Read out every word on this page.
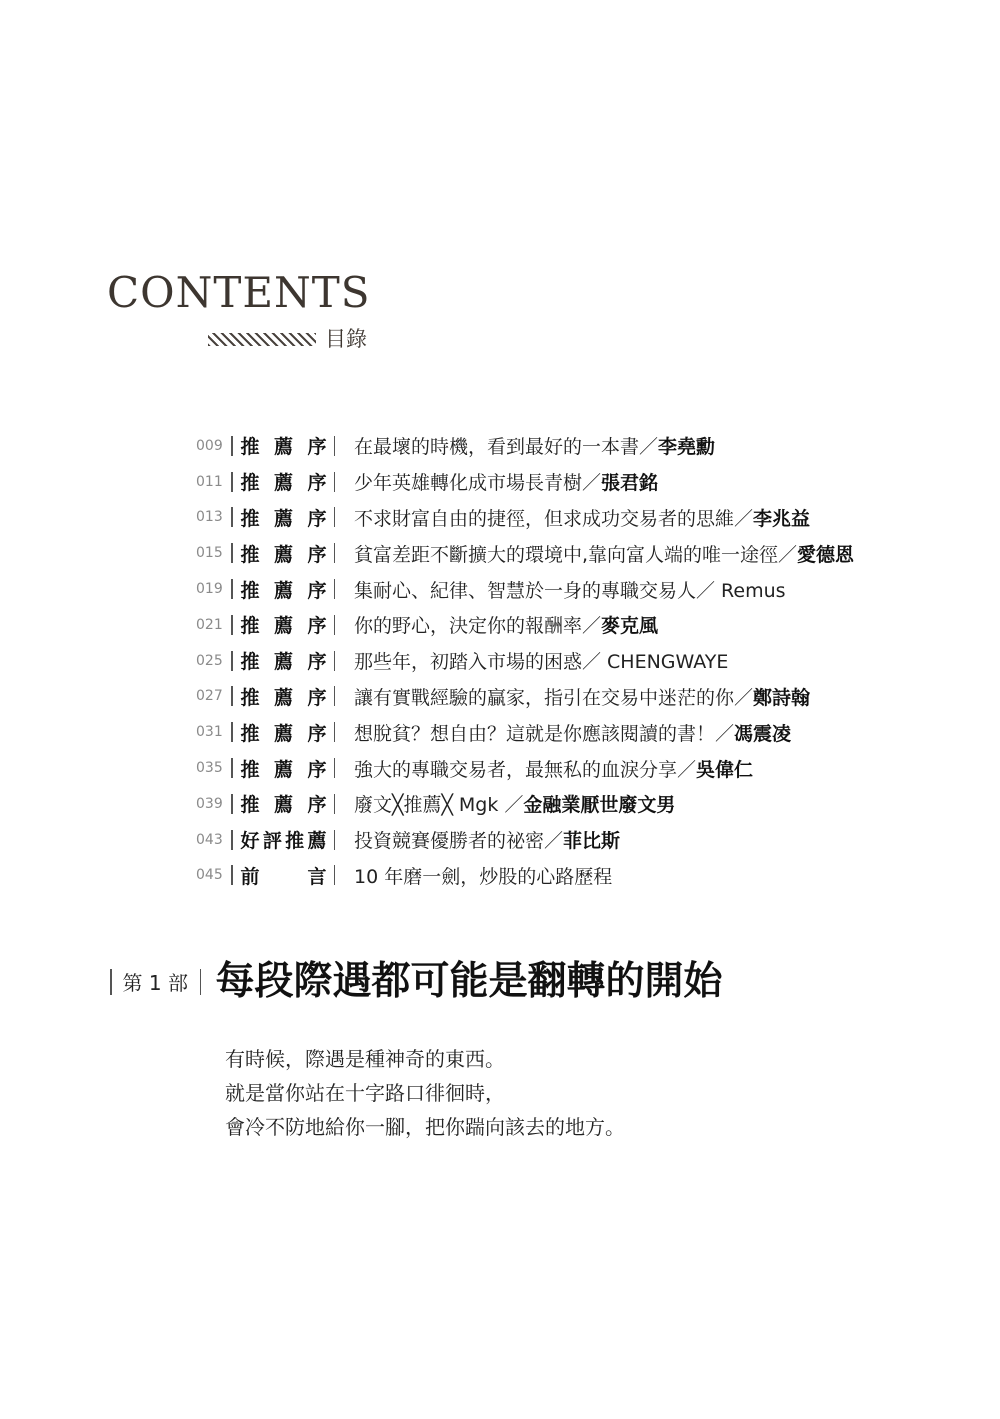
CONTENTS
目錄
009 推薦序 在最壞的時機，看到最好的一本書／ 李堯勳
011 推薦序 少年英雄轉化成市場長青樹／ 張君銘
013 推薦序 不求財富自由的捷徑，但求成功交易者的思維／ 李兆益
015 推薦序 貧富差距不斷擴大的環境中,靠向富人端的唯一途徑／ 愛德恩
019 推薦序 集耐心、紀律、智慧於一身的專職交易人／ Remus
021 推薦序 你的野心，決定你的報酬率／ 麥克風
025 推薦序 那些年，初踏入市場的困惑／ CHENGWAYE
027 推薦序 讓有實戰經驗的贏家，指引在交易中迷茫的你／ 鄭詩翰
031 推薦序 想脫貧？想自由？這就是你應該閱讀的書！／ 馮震凌
035 推薦序 強大的專職交易者，最無私的血淚分享／ 吳偉仁
039 推薦序 廢文╳推薦╳ Mgk ／ 金融業厭世廢文男
043 好評推薦 投資競賽優勝者的祕密／ 菲比斯
045 前言 10 年磨一劍，炒股的心路歷程
第 1 部 每段際遇都可能是翻轉的開始
有時候，際遇是種神奇的東西。
就是當你站在十字路口徘徊時，
會冷不防地給你一腳，把你踹向該去的地方。
